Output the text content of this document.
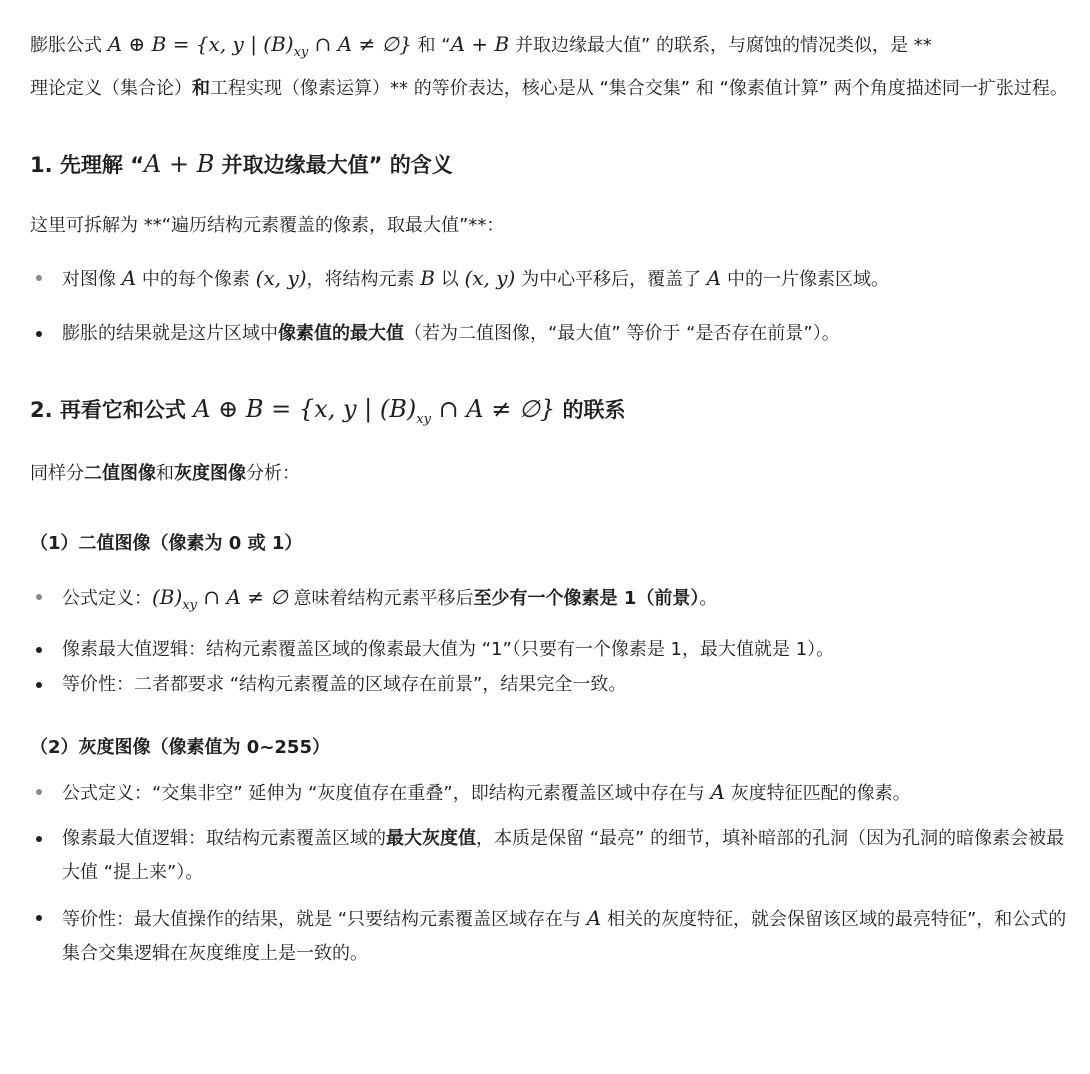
膨胀公式 A ⊕ B = {x, y | $(B)_{xy}$ ∩ A ≠ ∅} 和 “A + B 并取边缘最大值” 的联系，与腐蚀的情况类似，是 **

理论定义（集合论）和工程实现（像素运算）** 的等价表达，核心是从 “集合交集” 和 “像素值计算” 两个角度描述同一扩张过程。

1. 先理解 “A + B 并取边缘最大值” 的含义

这里可拆解为 **“遍历结构元素覆盖的像素，取最大值”**：

对图像 A 中的每个像素 (x, y)，将结构元素 B 以 (x, y) 为中心平移后，覆盖了 A 中的一片像素区域。
膨胀的结果就是这片区域中像素值的最大值（若为二值图像，“最大值” 等价于 “是否存在前景”）。
2. 再看它和公式 A ⊕ B = {x, y | $(B)_{xy}$ ∩ A ≠ ∅} 的联系

同样分二值图像和灰度图像分析：

（1）二值图像（像素为 0 或 1）
公式定义：$(B)_{xy}$ ∩ A ≠ ∅ 意味着结构元素平移后至少有一个像素是 1（前景）。
像素最大值逻辑：结构元素覆盖区域的像素最大值为 “1”（只要有一个像素是 1，最大值就是 1）。
等价性：二者都要求 “结构元素覆盖的区域存在前景”，结果完全一致。
（2）灰度图像（像素值为 0~255）
公式定义：“交集非空” 延伸为 “灰度值存在重叠”，即结构元素覆盖区域中存在与 A 灰度特征匹配的像素。
像素最大值逻辑：取结构元素覆盖区域的最大灰度值，本质是保留 “最亮” 的细节，填补暗部的孔洞（因为孔洞的暗像素会被最大值 “提上来”）。
等价性：最大值操作的结果，就是 “只要结构元素覆盖区域存在与 A 相关的灰度特征，就会保留该区域的最亮特征”，和公式的集合交集逻辑在灰度维度上是一致的。
